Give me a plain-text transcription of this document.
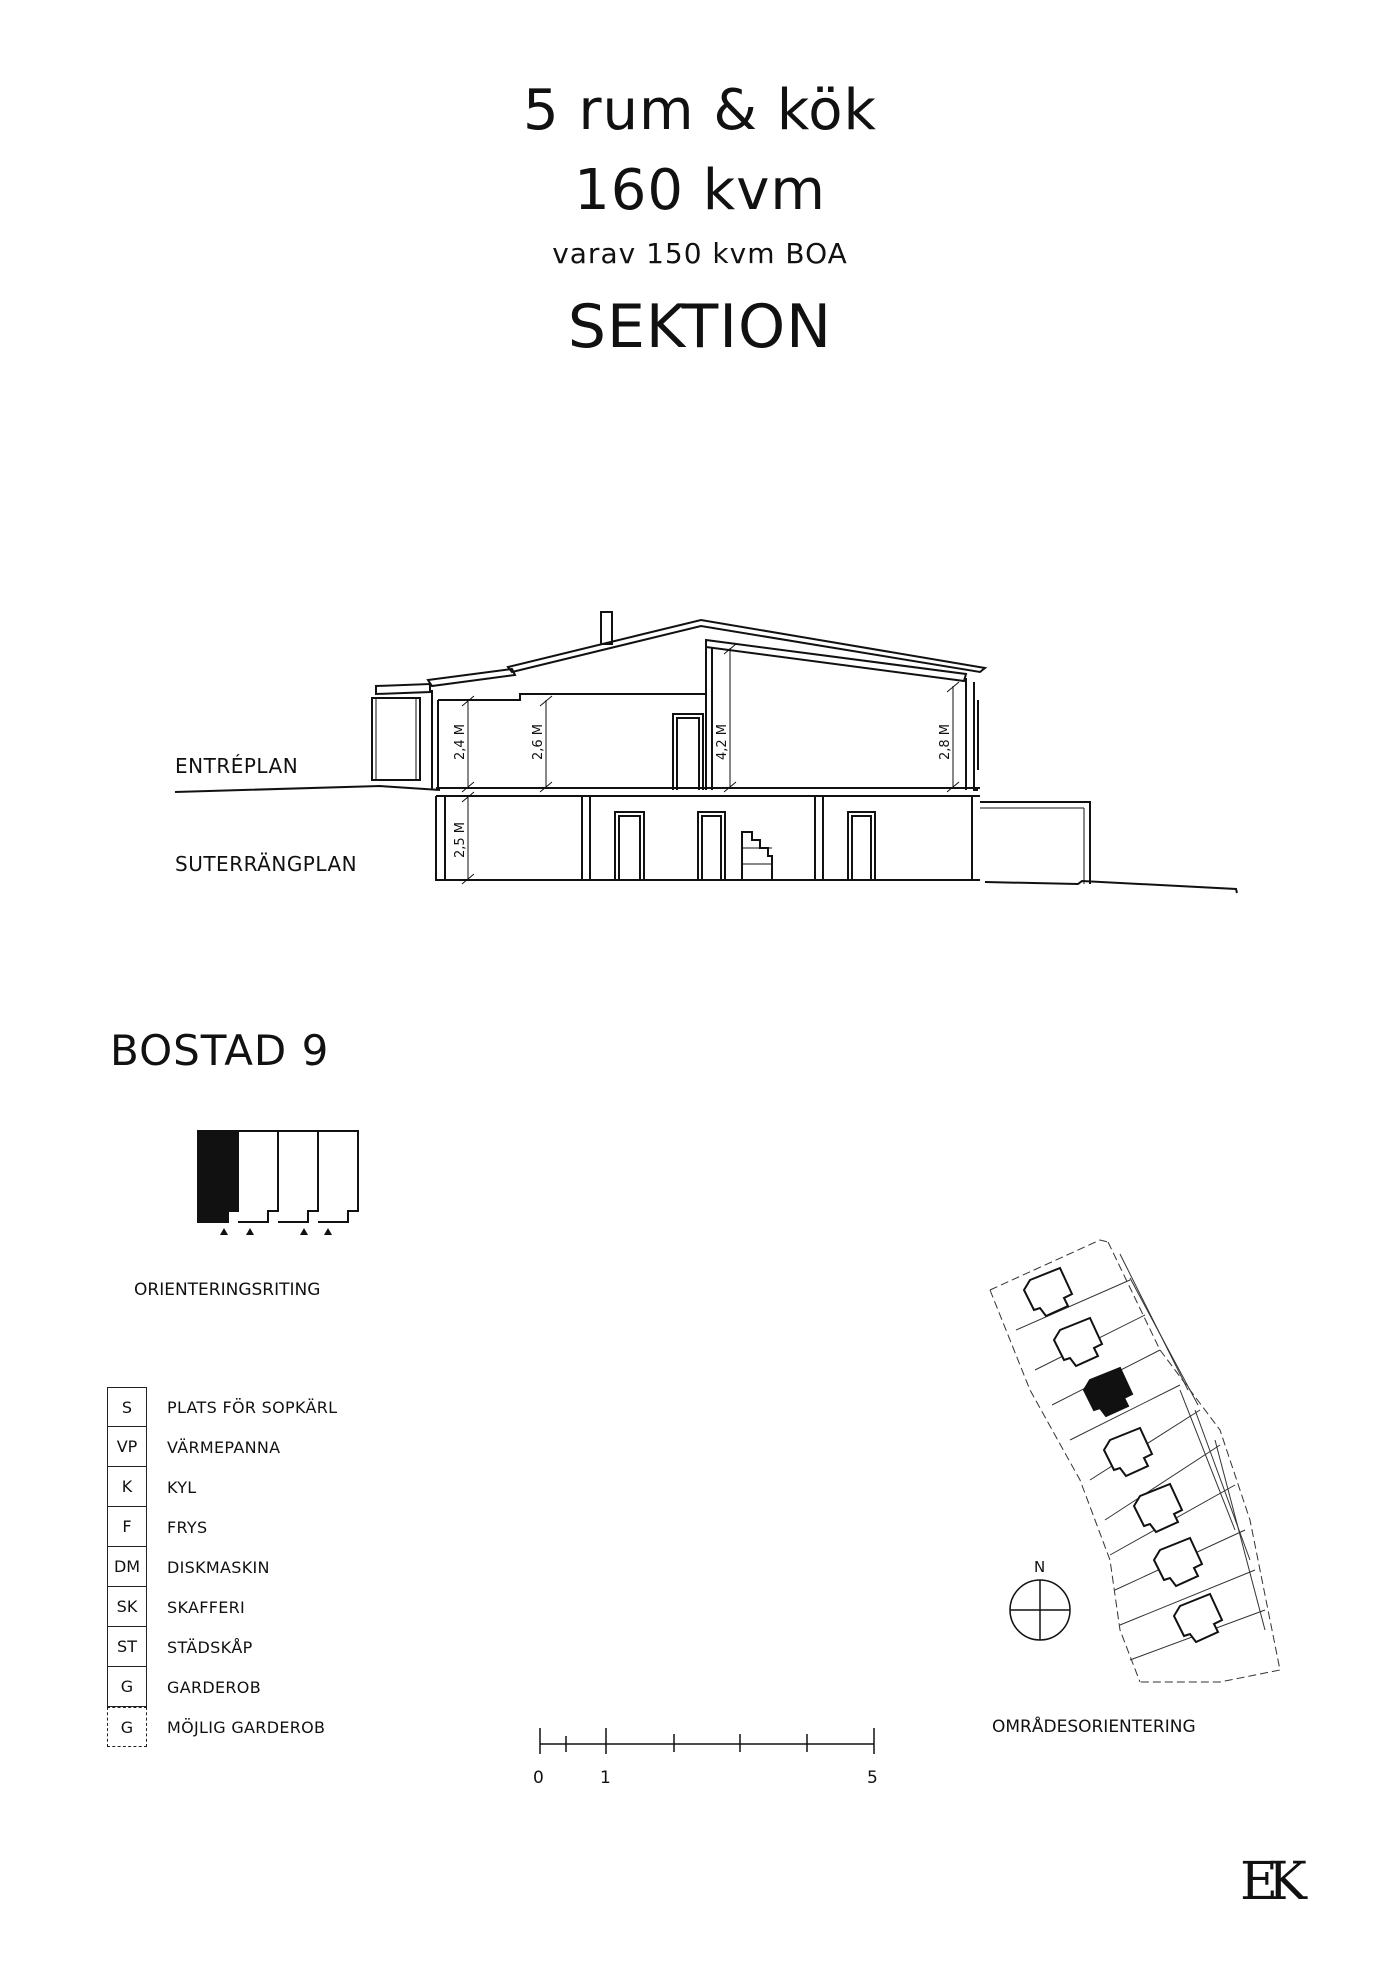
5 rum & kök
160 kvm
varav 150 kvm BOA
SEKTION
ENTRÉPLAN
SUTERRÄNGPLAN
2,4 M	2,6 M	4,2 M	2,8 M
2,5 M
BOSTAD 9
ORIENTERINGSRITING
S	PLATS FÖR SOPKÄRL
VP	VÄRMEPANNA
K	KYL
F	FRYS
DM	DISKMASKIN
SK	SKAFFERI
ST	STÄDSKÅP
G	GARDEROB
G	MÖJLIG GARDEROB
0	1	5
N
OMRÅDESORIENTERING
EK
